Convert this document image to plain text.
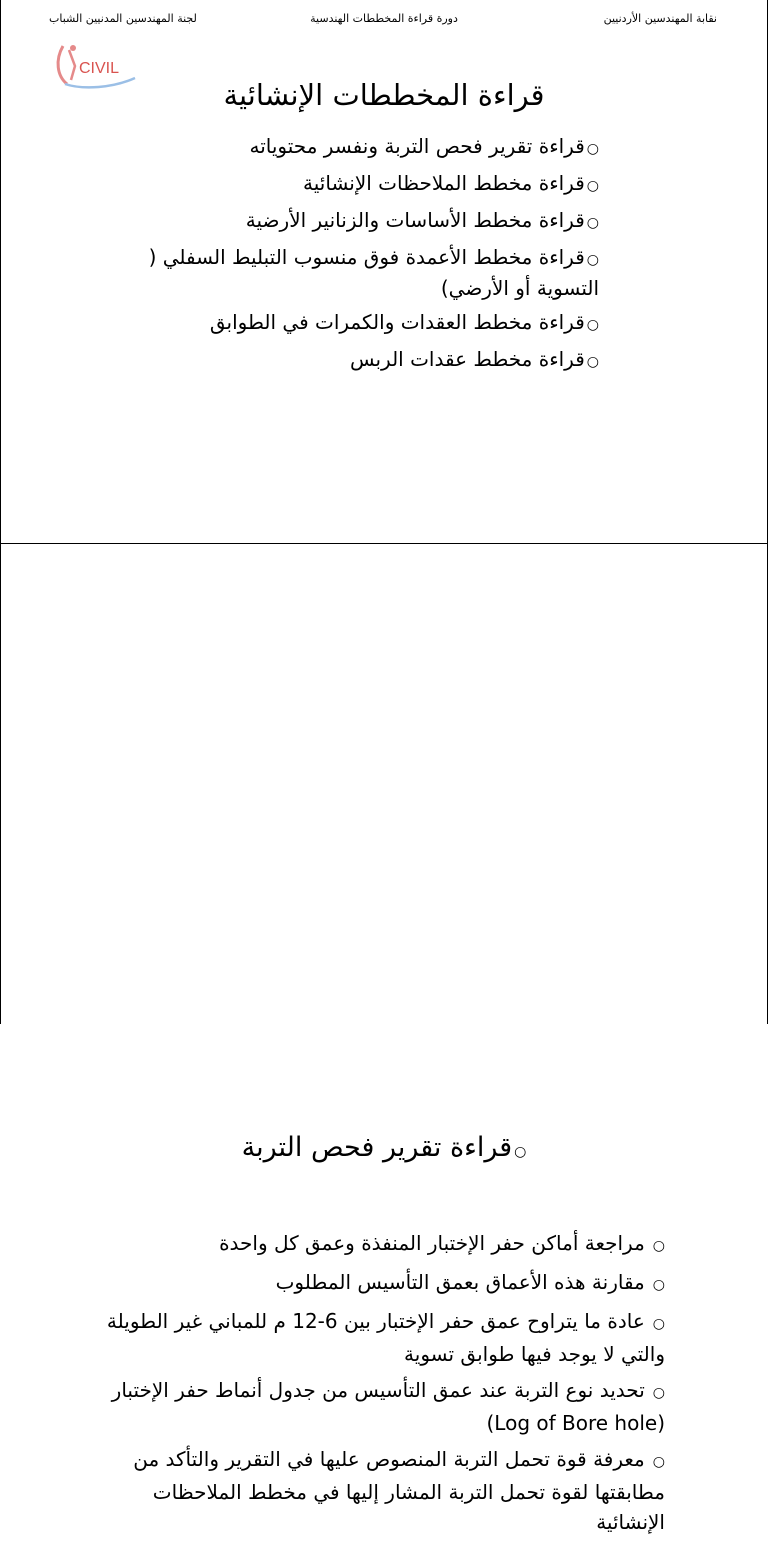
نقابة المهندسين الأردنيين
دورة قراءة المخططات الهندسية
لجنة المهندسين المدنيين الشباب
CIVIL
قراءة المخططات الإنشائية
○قراءة تقرير فحص التربة ونفسر محتوياته
○قراءة مخطط الملاحظات الإنشائية
○قراءة مخطط الأساسات والزنانير الأرضية
○قراءة مخطط الأعمدة فوق منسوب التبليط السفلي ( التسوية أو الأرضي)
○قراءة مخطط العقدات والكمرات في الطوابق
○قراءة مخطط عقدات الربس
○قراءة تقرير فحص التربة
○مراجعة أماكن حفر الإختبار المنفذة وعمق كل واحدة
○مقارنة هذه الأعماق بعمق التأسيس المطلوب
○عادة ما يتراوح عمق حفر الإختبار بين 6-12 م للمباني غير الطويلة والتي لا يوجد فيها طوابق تسوية
○تحديد نوع التربة عند عمق التأسيس من جدول أنماط حفر الإختبار (Log of Bore hole)
○معرفة قوة تحمل التربة المنصوص عليها في التقرير والتأكد من مطابقتها لقوة تحمل التربة المشار إليها في مخطط الملاحظات الإنشائية
